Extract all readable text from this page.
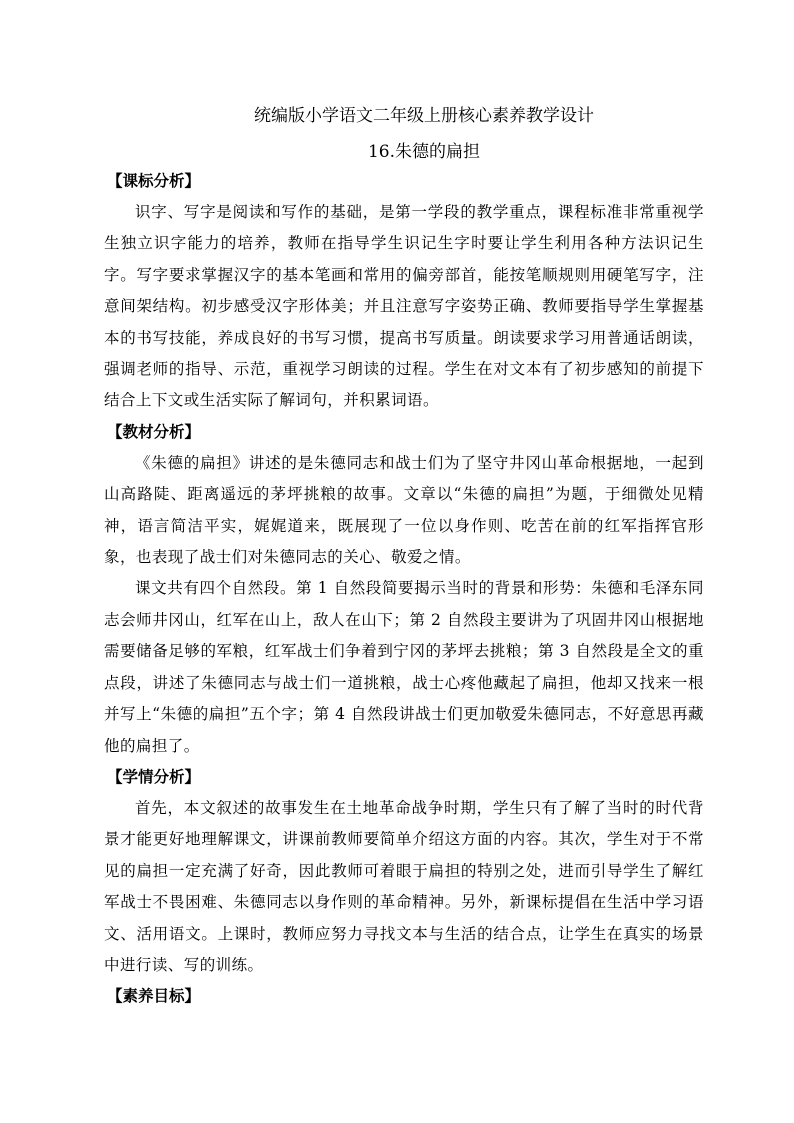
统编版小学语文二年级上册核心素养教学设计
16.朱德的扁担
【课标分析】

识字、写字是阅读和写作的基础，是第一学段的教学重点，课程标准非常重视学生独立识字能力的培养，教师在指导学生识记生字时要让学生利用各种方法识记生字。写字要求掌握汉字的基本笔画和常用的偏旁部首，能按笔顺规则用硬笔写字，注意间架结构。初步感受汉字形体美；并且注意写字姿势正确、教师要指导学生掌握基本的书写技能，养成良好的书写习惯，提高书写质量。朗读要求学习用普通话朗读，强调老师的指导、示范，重视学习朗读的过程。学生在对文本有了初步感知的前提下结合上下文或生活实际了解词句，并积累词语。

【教材分析】

《朱德的扁担》讲述的是朱德同志和战士们为了坚守井冈山革命根据地，一起到山高路陡、距离遥远的茅坪挑粮的故事。文章以“朱德的扁担”为题，于细微处见精神，语言简洁平实，娓娓道来，既展现了一位以身作则、吃苦在前的红军指挥官形象，也表现了战士们对朱德同志的关心、敬爱之情。

课文共有四个自然段。第 1 自然段简要揭示当时的背景和形势：朱德和毛泽东同志会师井冈山，红军在山上，敌人在山下；第 2 自然段主要讲为了巩固井冈山根据地需要储备足够的军粮，红军战士们争着到宁冈的茅坪去挑粮；第 3 自然段是全文的重点段，讲述了朱德同志与战士们一道挑粮，战士心疼他藏起了扁担，他却又找来一根并写上“朱德的扁担”五个字；第 4 自然段讲战士们更加敬爱朱德同志，不好意思再藏他的扁担了。

【学情分析】

首先，本文叙述的故事发生在土地革命战争时期，学生只有了解了当时的时代背景才能更好地理解课文，讲课前教师要简单介绍这方面的内容。其次，学生对于不常见的扁担一定充满了好奇，因此教师可着眼于扁担的特别之处，进而引导学生了解红军战士不畏困难、朱德同志以身作则的革命精神。另外，新课标提倡在生活中学习语文、活用语文。上课时，教师应努力寻找文本与生活的结合点，让学生在真实的场景中进行读、写的训练。

【素养目标】
